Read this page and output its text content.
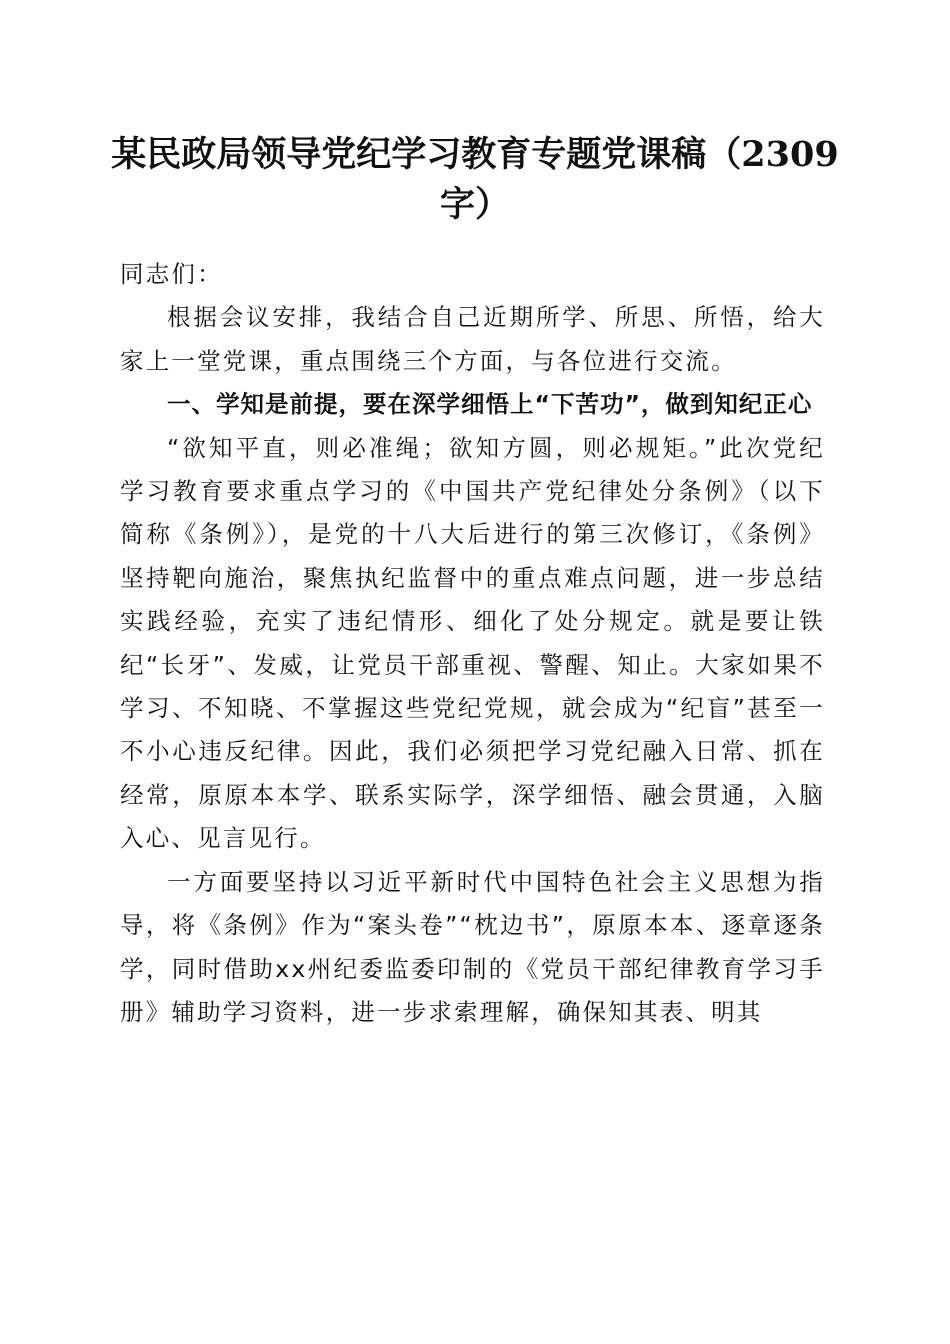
某民政局领导党纪学习教育专题党课稿（2309字）

同志们：

根据会议安排，我结合自己近期所学、所思、所悟，给大家上一堂党课，重点围绕三个方面，与各位进行交流。

一、学知是前提，要在深学细悟上“下苦功”，做到知纪正心

“欲知平直，则必准绳；欲知方圆，则必规矩。”此次党纪学习教育要求重点学习的《中国共产党纪律处分条例》（以下简称《条例》），是党的十八大后进行的第三次修订，《条例》坚持靶向施治，聚焦执纪监督中的重点难点问题，进一步总结实践经验，充实了违纪情形、细化了处分规定。就是要让铁纪“长牙”、发威，让党员干部重视、警醒、知止。大家如果不学习、不知晓、不掌握这些党纪党规，就会成为“纪盲”甚至一不小心违反纪律。因此，我们必须把学习党纪融入日常、抓在经常，原原本本学、联系实际学，深学细悟、融会贯通，入脑入心、见言见行。

一方面要坚持以习近平新时代中国特色社会主义思想为指导，将《条例》作为“案头卷”“枕边书”，原原本本、逐章逐条学，同时借助xx州纪委监委印制的《党员干部纪律教育学习手册》辅助学习资料，进一步求索理解，确保知其表、明其
